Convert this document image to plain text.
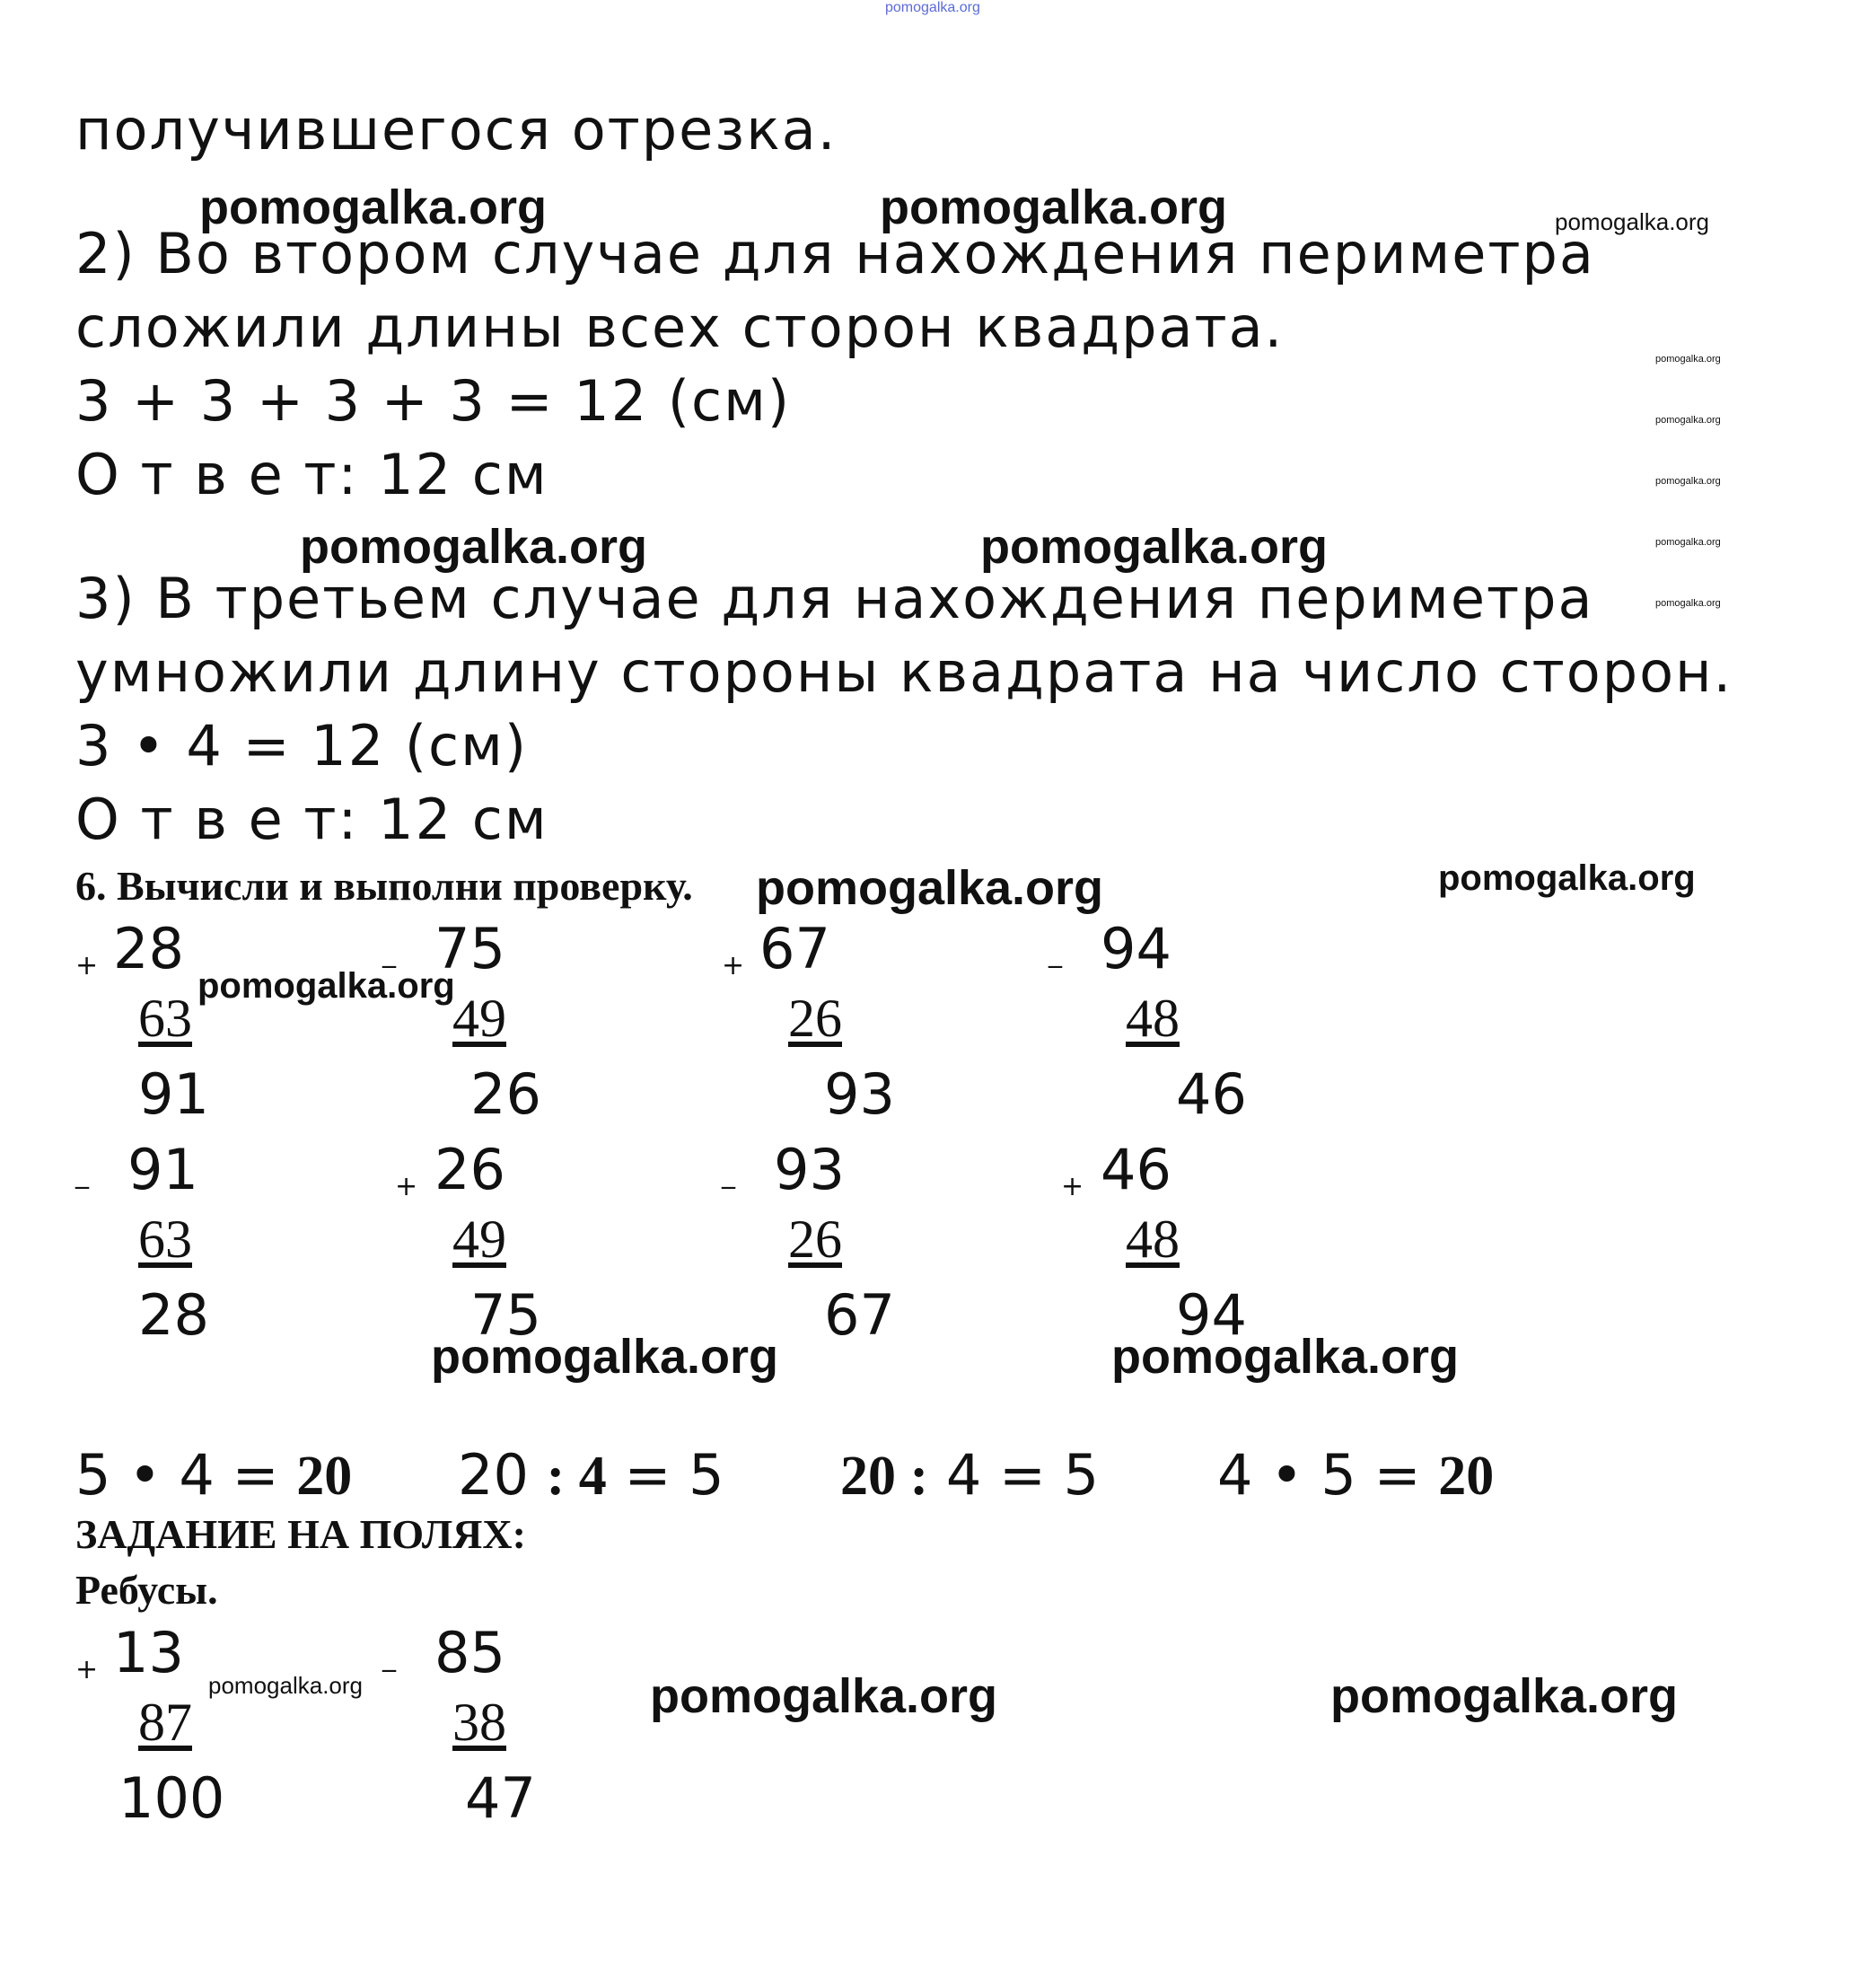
pomogalka.org
получившегося отрезка.
pomogalka.org	pomogalka.org	pomogalka.org
2) Во втором случае для нахождения периметра
сложили длины всех сторон квадрата.
3 + 3 + 3 + 3 = 12 (см)
О т в е т: 12 см
pomogalka.org
pomogalka.org
pomogalka.org
pomogalka.org
pomogalka.org
pomogalka.org	pomogalka.org
3) В третьем случае для нахождения периметра
умножили длину стороны квадрата на число сторон.
3 • 4 = 12 (см)
О т в е т: 12 см
6. Вычисли и выполни проверку. pomogalka.org	pomogalka.org
+ 28
63
91
_ 75
49
26
+ 67
26
93
_ 94
48
46
pomogalka.org
_ 91
63
28
+ 26
49
75
_ 93
26
67
+ 46
48
94
pomogalka.org	pomogalka.org
5 • 4 = 20 20 : 4 = 5 20 : 4 = 5 4 • 5 = 20
ЗАДАНИЕ НА ПОЛЯХ:
Ребусы.
+ 13
87
100
_ 85
38
47
pomogalka.org	pomogalka.org	pomogalka.org
